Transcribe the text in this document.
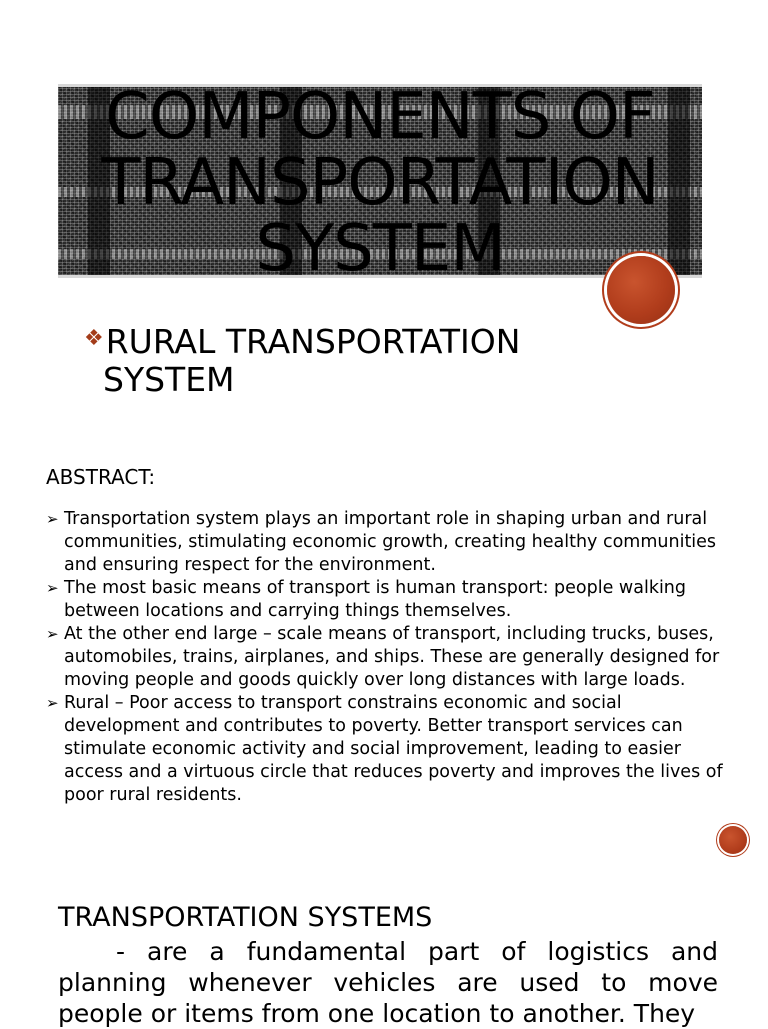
COMPONENTS OF
TRANSPORTATION
SYSTEM
❖RURAL TRANSPORTATION
SYSTEM
ABSTRACT:
➢ Transportation system plays an important role in shaping urban and rural communities, stimulating economic growth, creating healthy communities and ensuring respect for the environment.
➢ The most basic means of transport is human transport: people walking between locations and carrying things themselves.
➢ At the other end large – scale means of transport, including trucks, buses, automobiles, trains, airplanes, and ships. These are generally designed for moving people and goods quickly over long distances with large loads.
➢ Rural – Poor access to transport constrains economic and social development and contributes to poverty. Better transport services can stimulate economic activity and social improvement, leading to easier access and a virtuous circle that reduces poverty and improves the lives of poor rural residents.
TRANSPORTATION SYSTEMS
- are a fundamental part of logistics and planning whenever vehicles are used to move people or items from one location to another. They
